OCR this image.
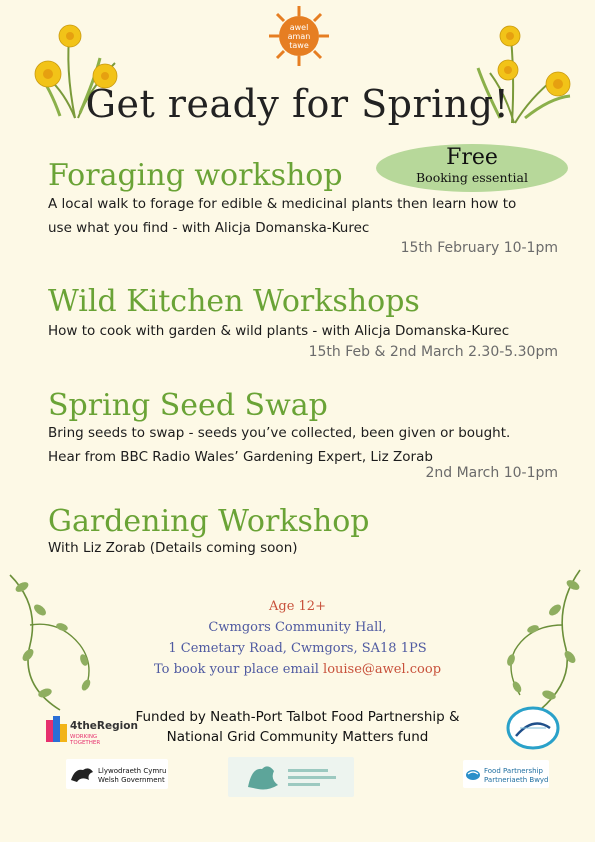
awel
aman
tawe
Get ready for Spring!
Free
Booking essential
Foraging workshop
A local walk to forage for edible & medicinal plants then learn how to
use what you find - with Alicja Domanska-Kurec
15th February 10-1pm
Wild Kitchen Workshops
How to cook with garden & wild plants - with Alicja Domanska-Kurec
15th Feb & 2nd March 2.30-5.30pm
Spring Seed Swap
Bring seeds to swap - seeds you’ve collected, been given or bought.
Hear from BBC Radio Wales’ Gardening Expert, Liz Zorab
2nd March 10-1pm
Gardening Workshop
With Liz Zorab (Details coming soon)
Age 12+
Cwmgors Community Hall,
1 Cemetary Road, Cwmgors, SA18 1PS
To book your place email louise@awel.coop
Funded by Neath-Port Talbot Food Partnership &
National Grid Community Matters fund
4theRegion
WORKING TOGETHER
Llywodraeth Cymru
Welsh Government
Food Partnership
Partneriaeth Bwyd
